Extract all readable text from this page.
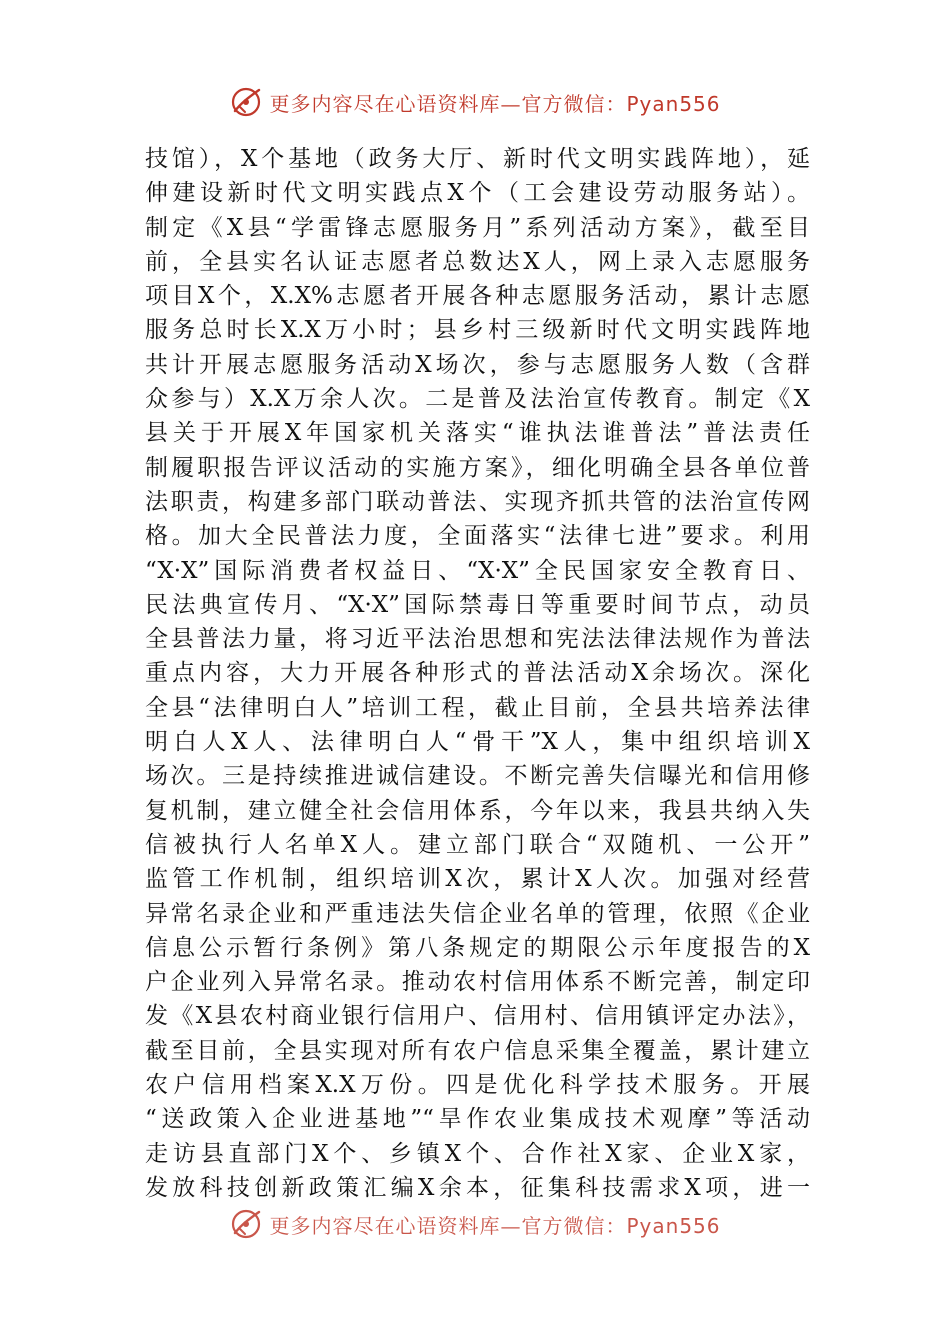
更多内容尽在心语资料库—官方微信：Pyan556
技馆），X个基地（政务大厅、新时代文明实践阵地），延
伸建设新时代文明实践点X个（工会建设劳动服务站）。
制定《X县“学雷锋志愿服务月”系列活动方案》，截至目
前，全县实名认证志愿者总数达X人，网上录入志愿服务
项目X个，X.X%志愿者开展各种志愿服务活动，累计志愿
服务总时长X.X万小时；县乡村三级新时代文明实践阵地
共计开展志愿服务活动X场次，参与志愿服务人数（含群
众参与）X.X万余人次。二是普及法治宣传教育。制定《X
县关于开展X年国家机关落实“谁执法谁普法”普法责任
制履职报告评议活动的实施方案》，细化明确全县各单位普
法职责，构建多部门联动普法、实现齐抓共管的法治宣传网
格。加大全民普法力度，全面落实“法律七进”要求。利用
“X·X”国际消费者权益日、“X·X”全民国家安全教育日、
民法典宣传月、“X·X”国际禁毒日等重要时间节点，动员
全县普法力量，将习近平法治思想和宪法法律法规作为普法
重点内容，大力开展各种形式的普法活动X余场次。深化
全县“法律明白人”培训工程，截止目前，全县共培养法律
明白人X人、法律明白人“骨干”X人，集中组织培训X
场次。三是持续推进诚信建设。不断完善失信曝光和信用修
复机制，建立健全社会信用体系，今年以来，我县共纳入失
信被执行人名单X人。建立部门联合“双随机、一公开”
监管工作机制，组织培训X次，累计X人次。加强对经营
异常名录企业和严重违法失信企业名单的管理，依照《企业
信息公示暂行条例》第八条规定的期限公示年度报告的X
户企业列入异常名录。推动农村信用体系不断完善，制定印
发《X县农村商业银行信用户、信用村、信用镇评定办法》，
截至目前，全县实现对所有农户信息采集全覆盖，累计建立
农户信用档案X.X万份。四是优化科学技术服务。开展
“送政策入企业进基地”“旱作农业集成技术观摩”等活动
走访县直部门X个、乡镇X个、合作社X家、企业X家，
发放科技创新政策汇编X余本，征集科技需求X项，进一
更多内容尽在心语资料库—官方微信：Pyan556
